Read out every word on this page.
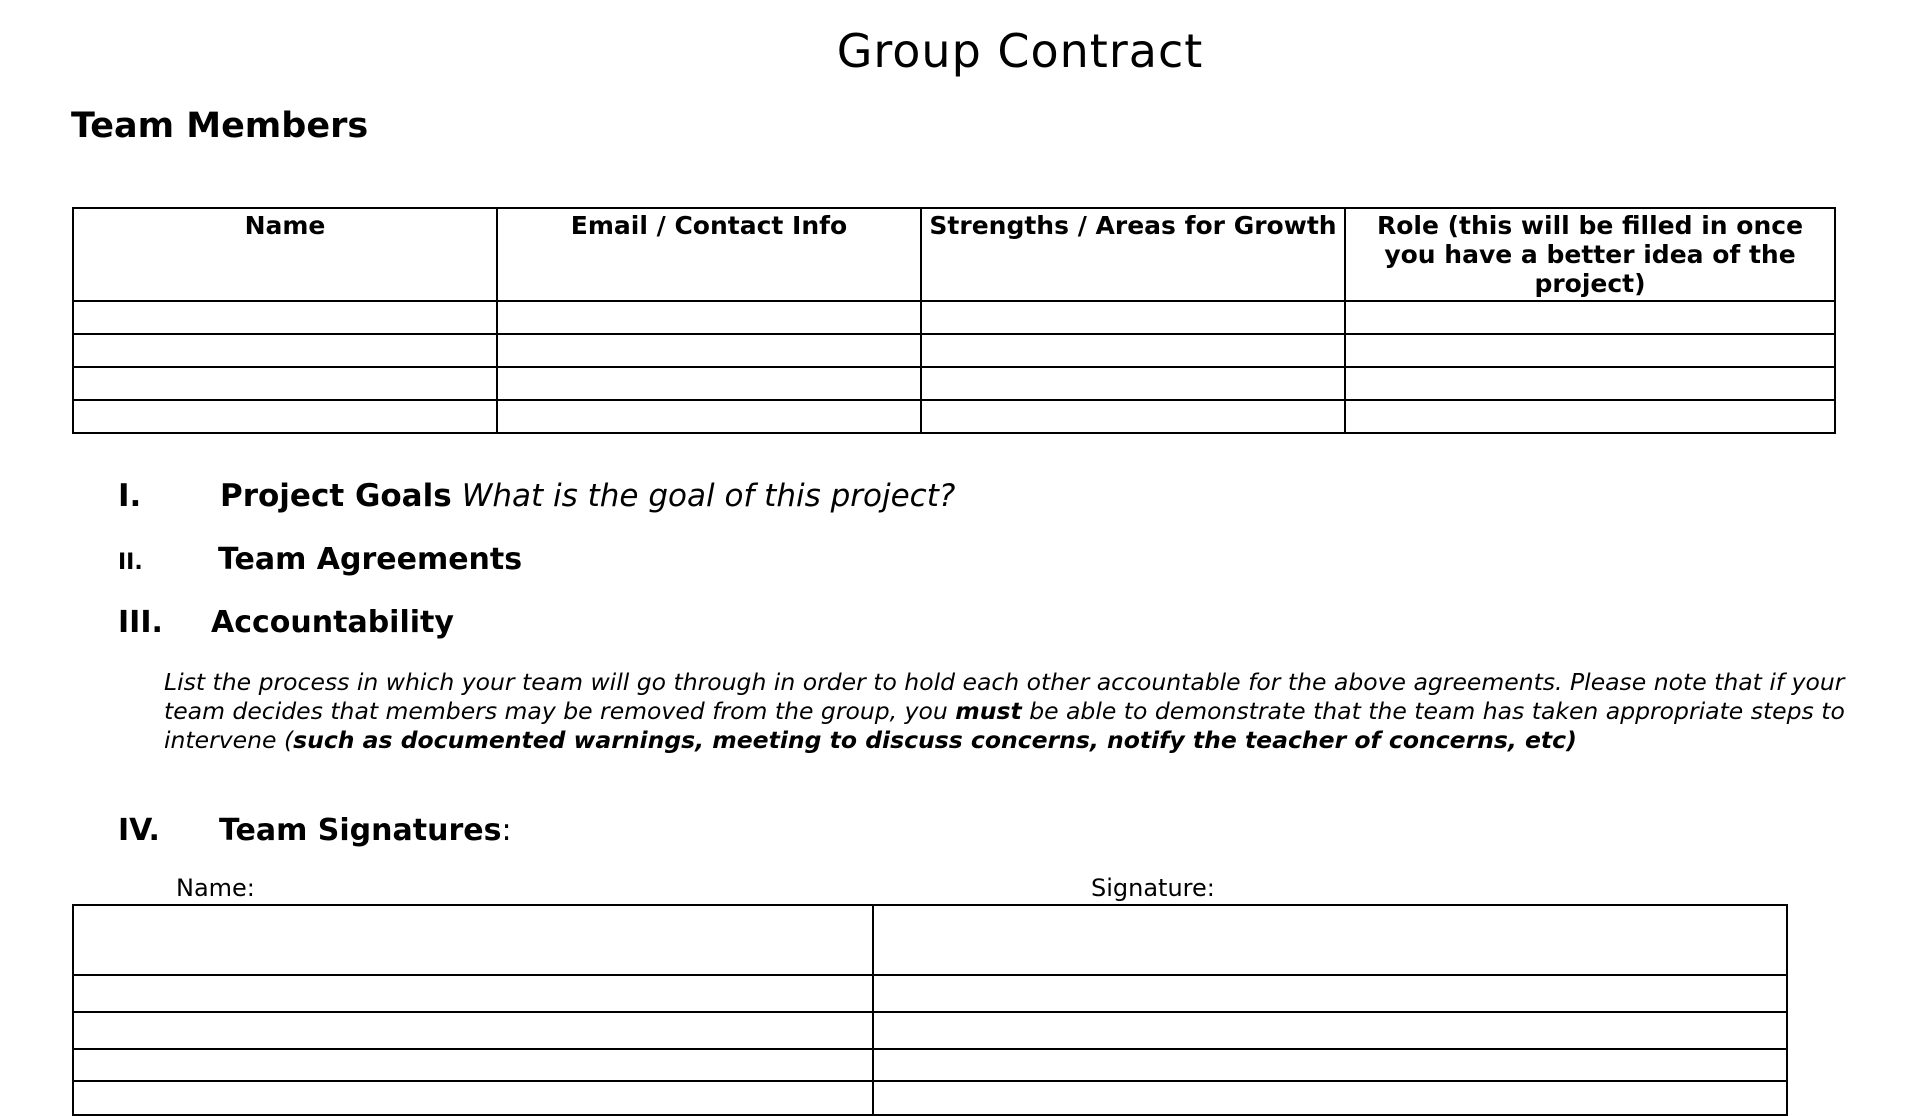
Group Contract
Team Members
Name	Email / Contact Info	Strengths / Areas for Growth	Role (this will be filled in once you have a better idea of the project)

I.	Project Goals What is the goal of this project?
II.	Team Agreements
III.	Accountability
List the process in which your team will go through in order to hold each other accountable for the above agreements. Please note that if your team decides that members may be removed from the group, you must be able to demonstrate that the team has taken appropriate steps to intervene (such as documented warnings, meeting to discuss concerns, notify the teacher of concerns, etc)
IV.	Team Signatures :
Name:	Signature:
